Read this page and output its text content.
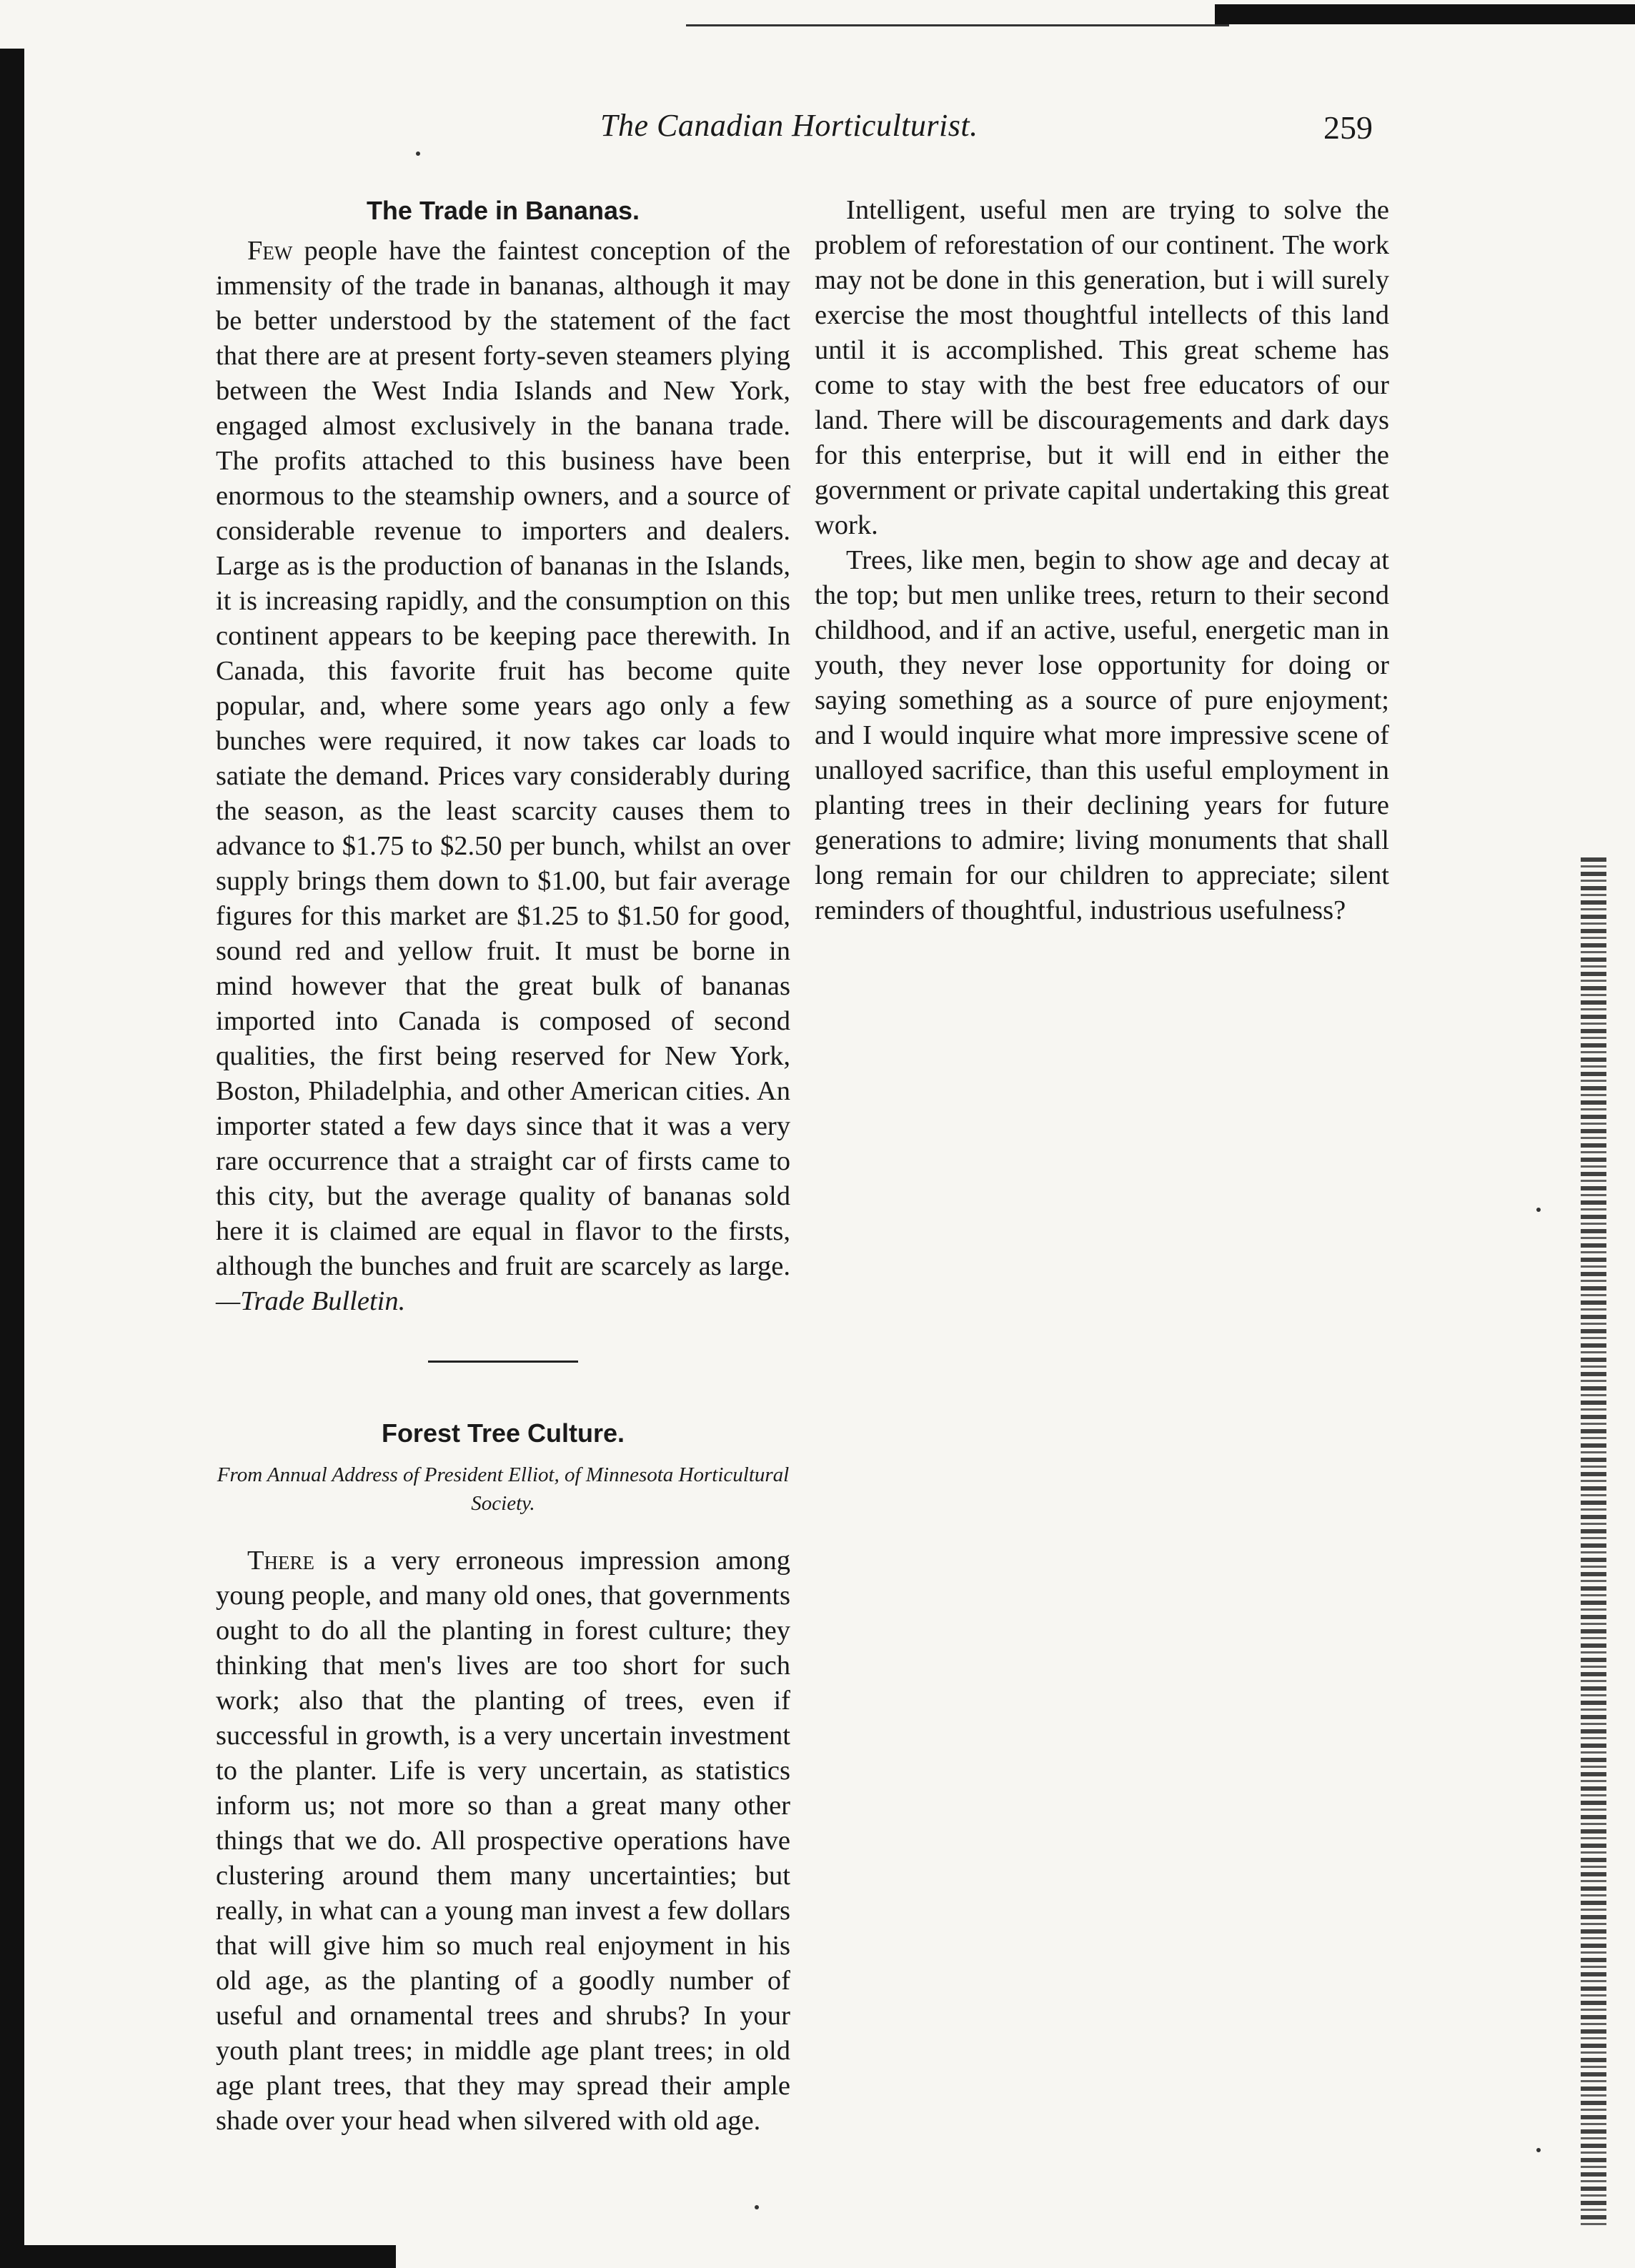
The Canadian Horticulturist.	259

The Trade in Bananas.

Few people have the faintest conception of the immensity of the trade in bananas, although it may be better understood by the statement of the fact that there are at present forty-seven steamers plying between the West India Islands and New York, engaged almost exclusively in the banana trade. The profits attached to this business have been enormous to the steamship owners, and a source of considerable revenue to importers and dealers. Large as is the production of bananas in the Islands, it is increasing rapidly, and the consumption on this continent appears to be keeping pace therewith. In Canada, this favorite fruit has become quite popular, and, where some years ago only a few bunches were required, it now takes car loads to satiate the demand. Prices vary considerably during the season, as the least scarcity causes them to advance to $1.75 to $2.50 per bunch, whilst an over supply brings them down to $1.00, but fair average figures for this market are $1.25 to $1.50 for good, sound red and yellow fruit. It must be borne in mind however that the great bulk of bananas imported into Canada is composed of second qualities, the first being reserved for New York, Boston, Philadelphia, and other American cities. An importer stated a few days since that it was a very rare occurrence that a straight car of firsts came to this city, but the average quality of bananas sold here it is claimed are equal in flavor to the firsts, although the bunches and fruit are scarcely as large.—Trade Bulletin.

Forest Tree Culture.

From Annual Address of President Elliot, of Minnesota Horticultural Society.

There is a very erroneous impression among young people, and many old ones, that governments ought to do all the planting in forest culture; they thinking that men's lives are too short for such work; also that the planting of trees, even if successful in growth, is a very uncertain investment to the planter. Life is very uncertain, as statistics inform us; not more so than a great many other things that we do. All prospective operations have clustering around them many uncertainties; but really, in what can a young man invest a few dollars that will give him so much real enjoyment in his old age, as the planting of a goodly number of useful and ornamental trees and shrubs? In your youth plant trees; in middle age plant trees; in old age plant trees, that they may spread their ample shade over your head when silvered with old age.

Intelligent, useful men are trying to solve the problem of reforestation of our continent. The work may not be done in this generation, but i will surely exercise the most thoughtful intellects of this land until it is accomplished. This great scheme has come to stay with the best free educators of our land. There will be discouragements and dark days for this enterprise, but it will end in either the government or private capital undertaking this great work.

Trees, like men, begin to show age and decay at the top; but men unlike trees, return to their second childhood, and if an active, useful, energetic man in youth, they never lose opportunity for doing or saying something as a source of pure enjoyment; and I would inquire what more impressive scene of unalloyed sacrifice, than this useful employment in planting trees in their declining years for future generations to admire; living monuments that shall long remain for our children to appreciate; silent reminders of thoughtful, industrious usefulness?
